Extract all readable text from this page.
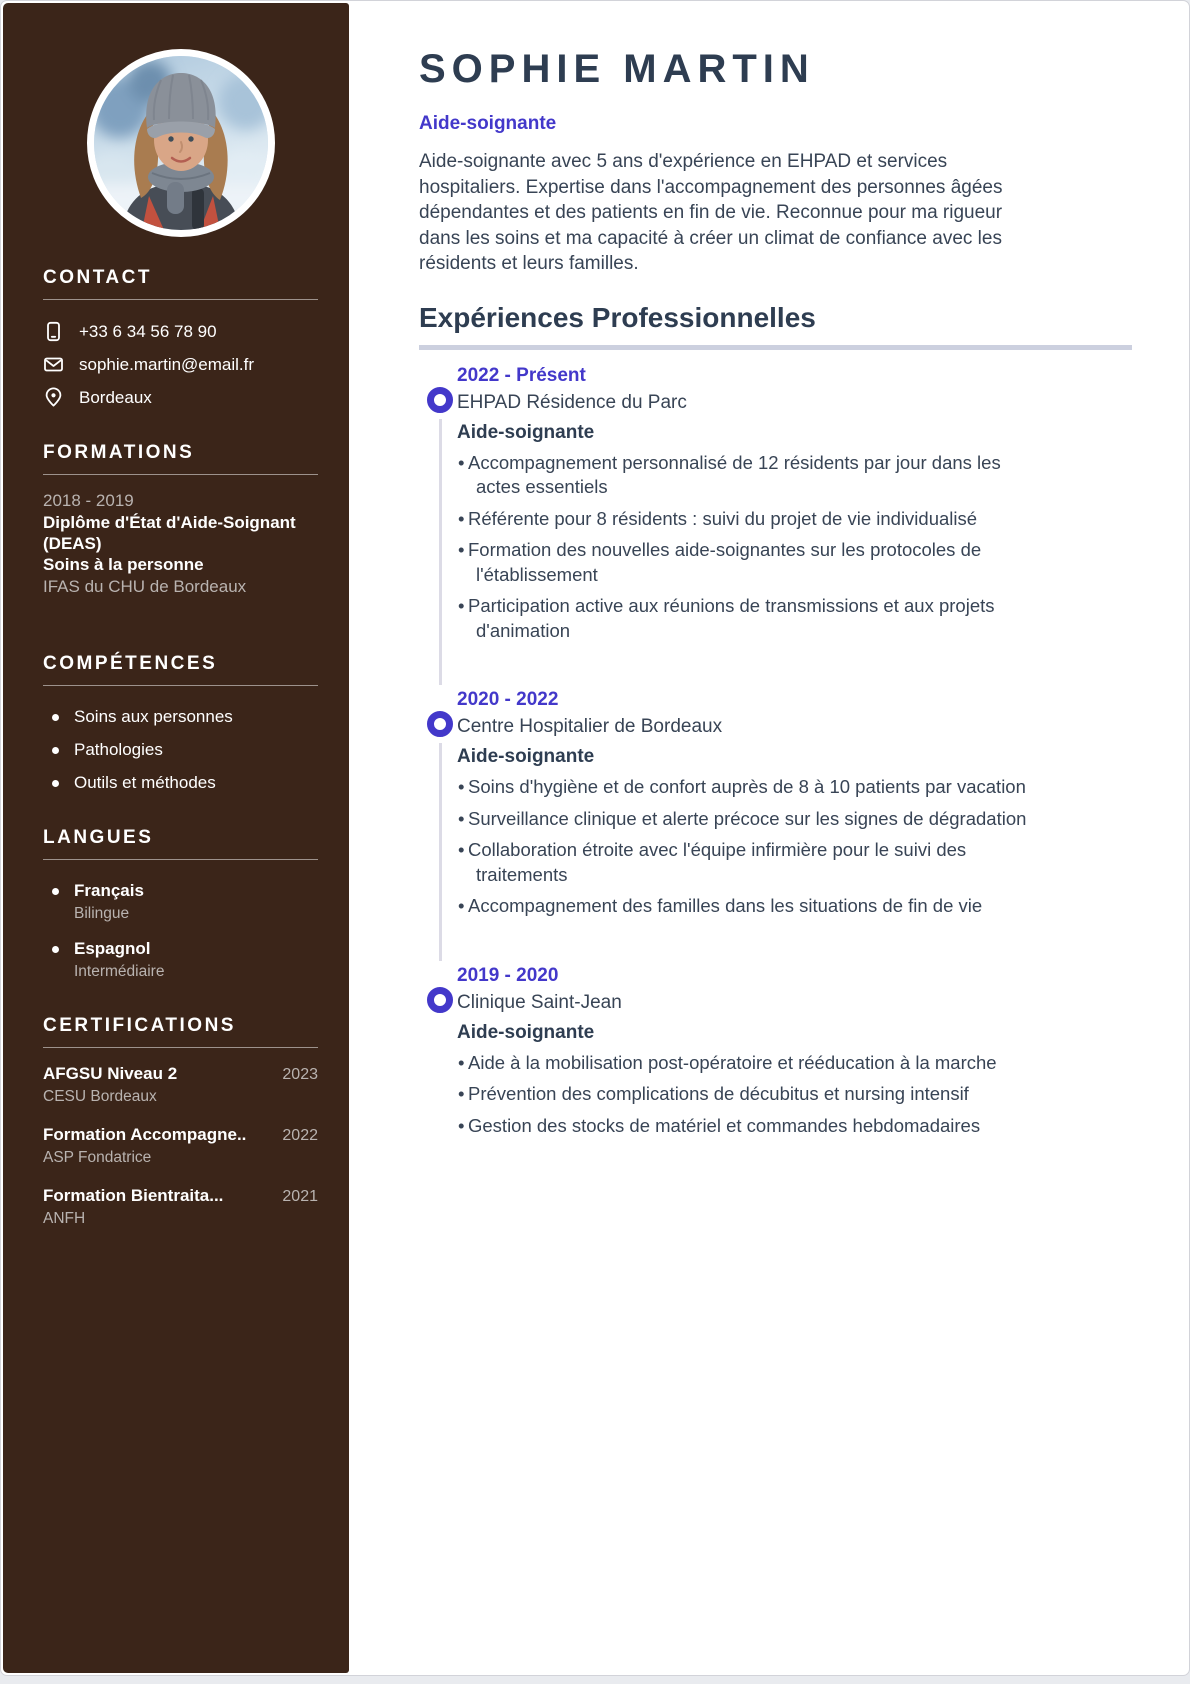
CONTACT
+33 6 34 56 78 90
sophie.martin@email.fr
Bordeaux
FORMATIONS
2018 - 2019
Diplôme d'État d'Aide-Soignant (DEAS)
Soins à la personne
IFAS du CHU de Bordeaux
COMPÉTENCES
Soins aux personnes
Pathologies
Outils et méthodes
LANGUES
Français
Bilingue
Espagnol
Intermédiaire
CERTIFICATIONS
AFGSU Niveau 2	2023
CESU Bordeaux
Formation Accompagne.. 2022
ASP Fondatrice
Formation Bientraita...	2021
ANFH
SOPHIE MARTIN
Aide-soignante

Aide-soignante avec 5 ans d'expérience en EHPAD et services hospitaliers. Expertise dans l'accompagnement des personnes âgées dépendantes et des patients en fin de vie. Reconnue pour ma rigueur dans les soins et ma capacité à créer un climat de confiance avec les résidents et leurs familles.

Expériences Professionnelles
2022 - Présent
EHPAD Résidence du Parc
Aide-soignante
• Accompagnement personnalisé de 12 résidents par jour dans les actes essentiels
• Référente pour 8 résidents : suivi du projet de vie individualisé
• Formation des nouvelles aide-soignantes sur les protocoles de l'établissement
• Participation active aux réunions de transmissions et aux projets d'animation
2020 - 2022
Centre Hospitalier de Bordeaux
Aide-soignante
• Soins d'hygiène et de confort auprès de 8 à 10 patients par vacation
• Surveillance clinique et alerte précoce sur les signes de dégradation
• Collaboration étroite avec l'équipe infirmière pour le suivi des traitements
• Accompagnement des familles dans les situations de fin de vie
2019 - 2020
Clinique Saint-Jean
Aide-soignante
• Aide à la mobilisation post-opératoire et rééducation à la marche
• Prévention des complications de décubitus et nursing intensif
• Gestion des stocks de matériel et commandes hebdomadaires
